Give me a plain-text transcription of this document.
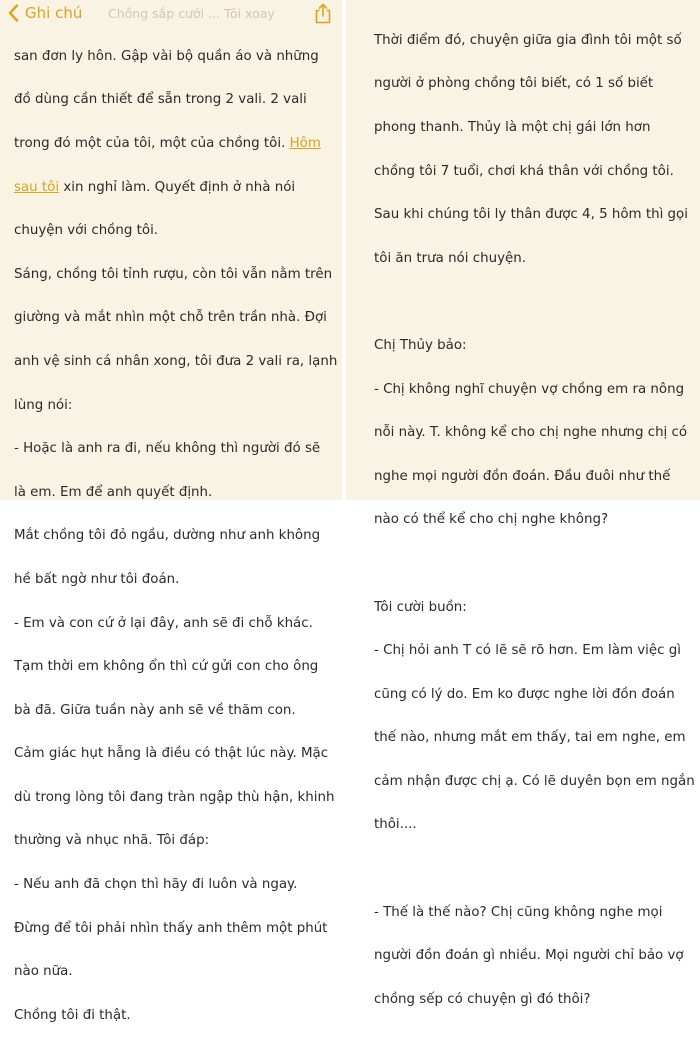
Ghi chú Chồng sắp cưới ... Tôi xoay

san đơn ly hôn. Gập vài bộ quần áo và những

đồ dùng cần thiết để sẵn trong 2 vali. 2 vali

trong đó một của tôi, một của chồng tôi. Hôm

sau tôi xin nghỉ làm. Quyết định ở nhà nói

chuyện với chồng tôi.

Sáng, chồng tôi tỉnh rượu, còn tôi vẫn nằm trên

giường và mắt nhìn một chỗ trên trần nhà. Đợi

anh vệ sinh cá nhân xong, tôi đưa 2 vali ra, lạnh

lùng nói:

- Hoặc là anh ra đi, nếu không thì người đó sẽ

là em. Em để anh quyết định.

Mắt chồng tôi đỏ ngầu, dường như anh không

hề bất ngờ như tôi đoán.

- Em và con cứ ở lại đây, anh sẽ đi chỗ khác.

Tạm thời em không ổn thì cứ gửi con cho ông

bà đã. Giữa tuần này anh sẽ về thăm con.

Cảm giác hụt hẫng là điều có thật lúc này. Mặc

dù trong lòng tôi đang tràn ngập thù hận, khinh

thường và nhục nhã. Tôi đáp:

- Nếu anh đã chọn thì hãy đi luôn và ngay.

Đừng để tôi phải nhìn thấy anh thêm một phút

nào nữa.

Chồng tôi đi thật.

Thời điểm đó, chuyện giữa gia đình tôi một số

người ở phòng chồng tôi biết, có 1 số biết

phong thanh. Thủy là một chị gái lớn hơn

chồng tôi 7 tuổi, chơi khá thân với chồng tôi.

Sau khi chúng tôi ly thân được 4, 5 hôm thì gọi

tôi ăn trưa nói chuyện.

Chị Thủy bảo:

- Chị không nghĩ chuyện vợ chồng em ra nông

nỗi này. T. không kể cho chị nghe nhưng chị có

nghe mọi người đồn đoán. Đầu đuôi như thế

nào có thể kể cho chị nghe không?

Tôi cười buồn:

- Chị hỏi anh T có lẽ sẽ rõ hơn. Em làm việc gì

cũng có lý do. Em ko được nghe lời đồn đoán

thế nào, nhưng mắt em thấy, tai em nghe, em

cảm nhận được chị ạ. Có lẽ duyên bọn em ngắn

thôi....

- Thế là thế nào? Chị cũng không nghe mọi

người đồn đoán gì nhiều. Mọi người chỉ bảo vợ

chồng sếp có chuyện gì đó thôi?
